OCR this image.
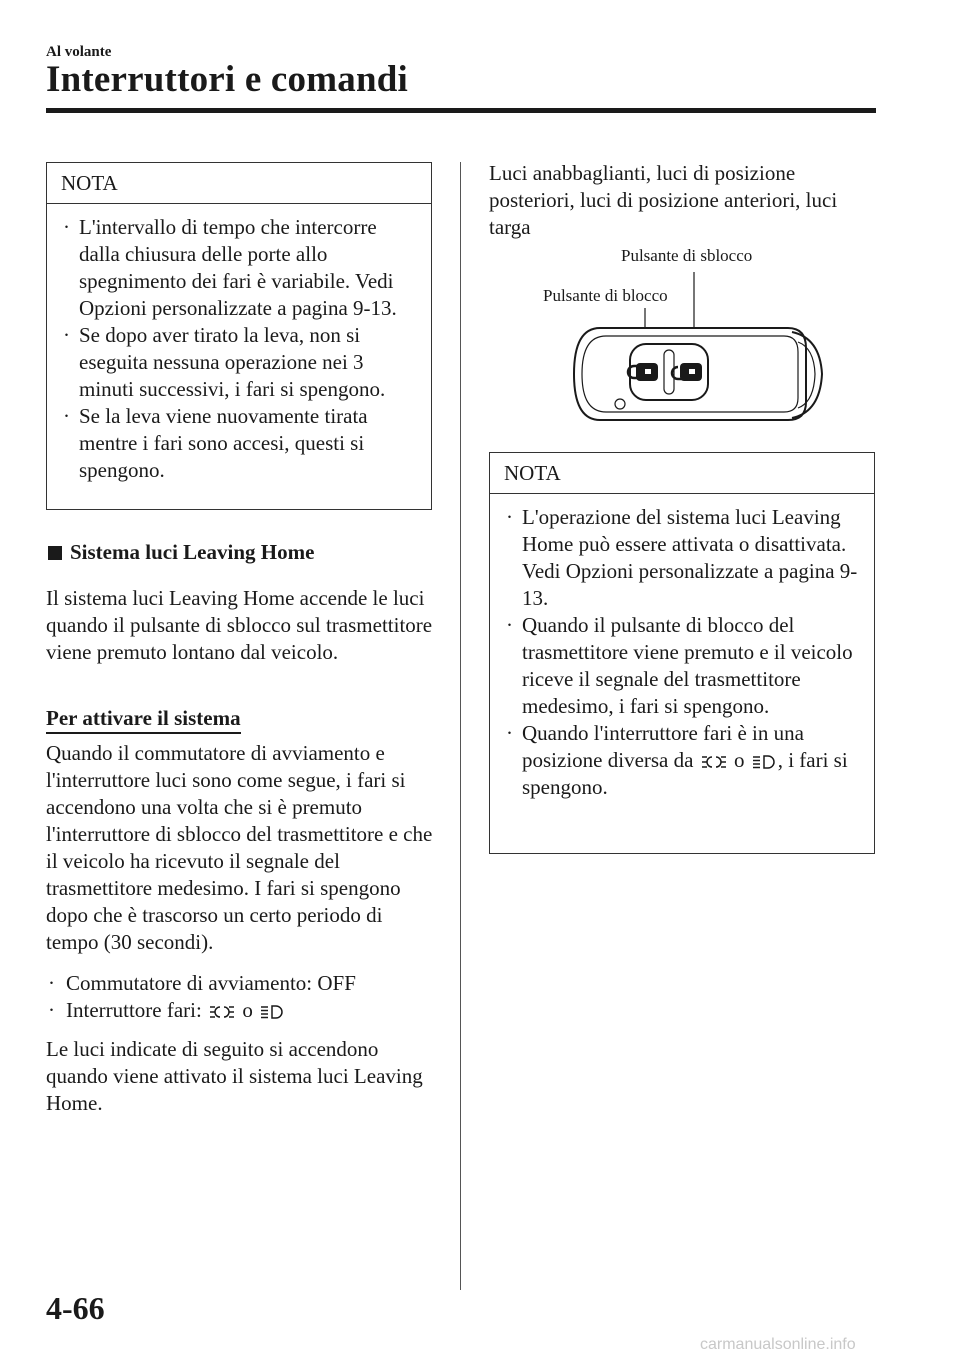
Al volante
Interruttori e comandi
NOTA
· L'intervallo di tempo che intercorre dalla chiusura delle porte allo spegnimento dei fari è variabile. Vedi Opzioni personalizzate a pagina 9-13.
· Se dopo aver tirato la leva, non si eseguita nessuna operazione nei 3 minuti successivi, i fari si spengono.
· Se la leva viene nuovamente tirata mentre i fari sono accesi, questi si spengono.
Sistema luci Leaving Home
Il sistema luci Leaving Home accende le luci quando il pulsante di sblocco sul trasmettitore viene premuto lontano dal veicolo.
Per attivare il sistema
Quando il commutatore di avviamento e l'interruttore luci sono come segue, i fari si accendono una volta che si è premuto l'interruttore di sblocco del trasmettitore e che il veicolo ha ricevuto il segnale del trasmettitore medesimo. I fari si spengono dopo che è trascorso un certo periodo di tempo (30 secondi).
· Commutatore di avviamento: OFF
· Interruttore fari: o
Le luci indicate di seguito si accendono quando viene attivato il sistema luci Leaving Home.
Luci anabbaglianti, luci di posizione posteriori, luci di posizione anteriori, luci targa
Pulsante di sblocco
Pulsante di blocco
NOTA
· L'operazione del sistema luci Leaving Home può essere attivata o disattivata. Vedi Opzioni personalizzate a pagina 9-13.
· Quando il pulsante di blocco del trasmettitore viene premuto e il veicolo riceve il segnale del trasmettitore medesimo, i fari si spengono.
· Quando l'interruttore fari è in una posizione diversa da o , i fari si spengono.
4-66
carmanualsonline.info
